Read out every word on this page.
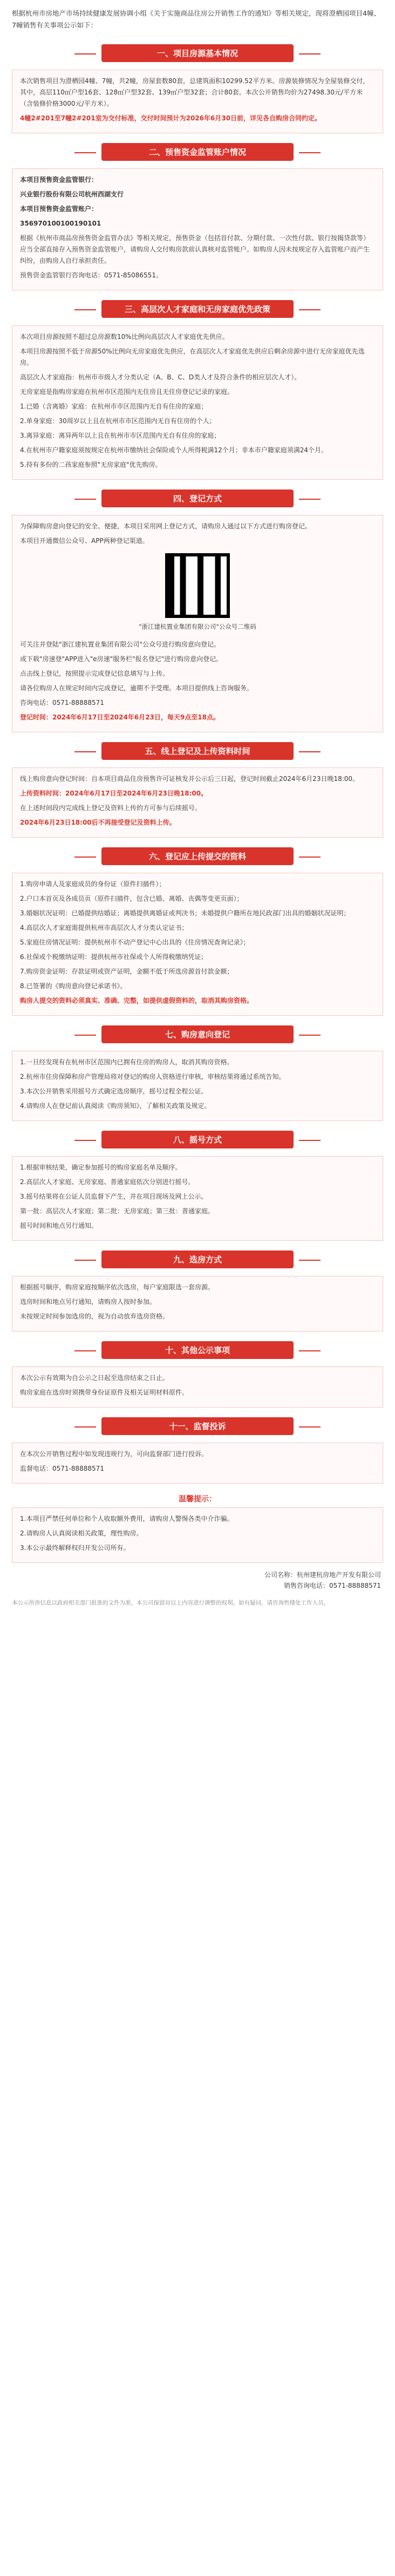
根据杭州市房地产市场持续健康发展协调小组《关于实施商品住房公开销售工作的通知》等相关规定，现将澄栖园项目4幢、7幢销售有关事项公示如下：
一、项目房源基本情况

本次销售项目为澄栖园4幢、7幢，共2幢，房屋套数80套，总建筑面积10299.52平方米。房源装修情况为全屋装修交付，其中，高层110㎡户型16套、128㎡户型32套、139㎡户型32套；合计80套。本次公开销售均价为27498.30元/平方米（含装修价格3000元/平方米）。

4幢2#201至7幢2#201室为交付标准，交付时间预计为2026年6月30日前，详见各自购房合同约定。

二、预售资金监管账户情况

本项目预售资金监管银行：

兴业银行股份有限公司杭州西湖支行

本项目预售资金监管账户：

356970100100190101

根据《杭州市商品房预售资金监管办法》等相关规定，预售资金（包括首付款、分期付款、一次性付款、银行按揭贷款等）应当全部直接存入预售资金监管账户，请购房人交付购房款前认真核对监管账户。如购房人因未按规定存入监管账户而产生纠纷，由购房人自行承担责任。

预售资金监管银行咨询电话：0571-85086551。

三、高层次人才家庭和无房家庭优先政策

本次项目房源按照不超过总房源数10%比例向高层次人才家庭优先供应。

本项目房源按照不低于房源50%比例向无房家庭优先供应，在高层次人才家庭优先供应后剩余房源中进行无房家庭优先选房。

高层次人才家庭指：杭州市市级人才分类认定（A、B、C、D类人才及符合条件的相应层次人才）。

无房家庭是指购房家庭在杭州市区范围内无住房且无住房登记记录的家庭。

1.已婚（含离婚）家庭：在杭州市市区范围内无自有住房的家庭；

2.单身家庭：30周岁以上且在杭州市市区范围内无自有住房的个人；

3.离异家庭：离异两年以上且在杭州市市区范围内无自有住房的家庭；

4.在杭州市户籍家庭须按规定在杭州市缴纳社会保险或个人所得税满12个月；非本市户籍家庭须满24个月。

5.持有多份的二孩家庭参照"无房家庭"优先购房。

四、登记方式

为保障购房意向登记的安全、便捷，本项目采用网上登记方式，请购房人通过以下方式进行购房登记。

本项目开通微信公众号、APP两种登记渠道。

"浙江建杭置业集团有限公司"公众号二维码

可关注并登陆"浙江建杭置业集团有限公司"公众号进行购房意向登记。

或下载"房速登"APP进入"e房速"服务栏"报名登记"进行购房意向登记。

点击线上登记，按照提示完成登记信息填写与上传。

请各位购房人在规定时间内完成登记，逾期不予受理。本项目提供线上咨询服务。

咨询电话：0571-88888571

登记时间：2024年6月17日至2024年6月23日，每天9点至18点。

五、线上登记及上传资料时间

线上购房意向登记时间：自本项目商品住房预售许可证核发并公示后三日起，登记时间截止2024年6月23日晚18:00。

上传资料时间：2024年6月17日至2024年6月23日晚18:00。

在上述时间段内完成线上登记及资料上传的方可参与后续摇号。

2024年6月23日18:00后不再接受登记及资料上传。

六、登记应上传提交的资料

1.购房申请人及家庭成员的身份证（原件扫描件）；

2.户口本首页及各成员页（原件扫描件，包含已婚、离婚、丧偶等变更页面）；

3.婚姻状况证明：已婚提供结婚证；离婚提供离婚证或判决书；未婚提供户籍所在地民政部门出具的婚姻状况证明；

4.高层次人才家庭需提供杭州市高层次人才分类认定证书；

5.家庭住房情况证明：提供杭州市不动产登记中心出具的《住房情况查询记录》；

6.社保或个税缴纳证明：提供杭州市社保或个人所得税缴纳凭证；

7.购房资金证明：存款证明或资产证明，金额不低于所选房源首付款金额；

8.已签署的《购房意向登记承诺书》。

购房人提交的资料必须真实、准确、完整，如提供虚假资料的，取消其购房资格。

七、购房意向登记

1.一旦经发现有在杭州市区范围内已拥有住房的购房人，取消其购房资格。

2.杭州市住房保障和房产管理局将对登记的购房人资格进行审核，审核结果将通过系统告知。

3.本次公开销售采用摇号方式确定选房顺序，摇号过程全程公证。

4.请购房人在登记前认真阅读《购房须知》，了解相关政策及规定。

八、摇号方式

1.根据审核结果，确定参加摇号的购房家庭名单及顺序。

2.高层次人才家庭、无房家庭、普通家庭依次分别进行摇号。

3.摇号结果将在公证人员监督下产生，并在项目现场及网上公示。

第一批：高层次人才家庭；第二批：无房家庭；第三批：普通家庭。

摇号时间和地点另行通知。

九、选房方式

根据摇号顺序，购房家庭按顺序依次选房，每户家庭限选一套房源。

选房时间和地点另行通知，请购房人按时参加。

未按规定时间参加选房的，视为自动放弃选房资格。

十、其他公示事项

本次公示有效期为自公示之日起至选房结束之日止。

购房家庭在选房时须携带身份证原件及相关证明材料原件。

十一、监督投诉

在本次公开销售过程中如发现违规行为，可向监督部门进行投诉。

监督电话：0571-88888571

温馨提示：

1.本项目严禁任何单位和个人收取额外费用，请购房人警惕各类中介诈骗。

2.请购房人认真阅读相关政策，理性购房。

3.本公示最终解释权归开发公司所有。

公司名称：杭州建杭房地产开发有限公司
销售咨询电话：0571-88888571
本公示所涉信息以政府相关部门批准的文件为准，本公司保留对以上内容进行调整的权利。如有疑问，请咨询售楼处工作人员。
